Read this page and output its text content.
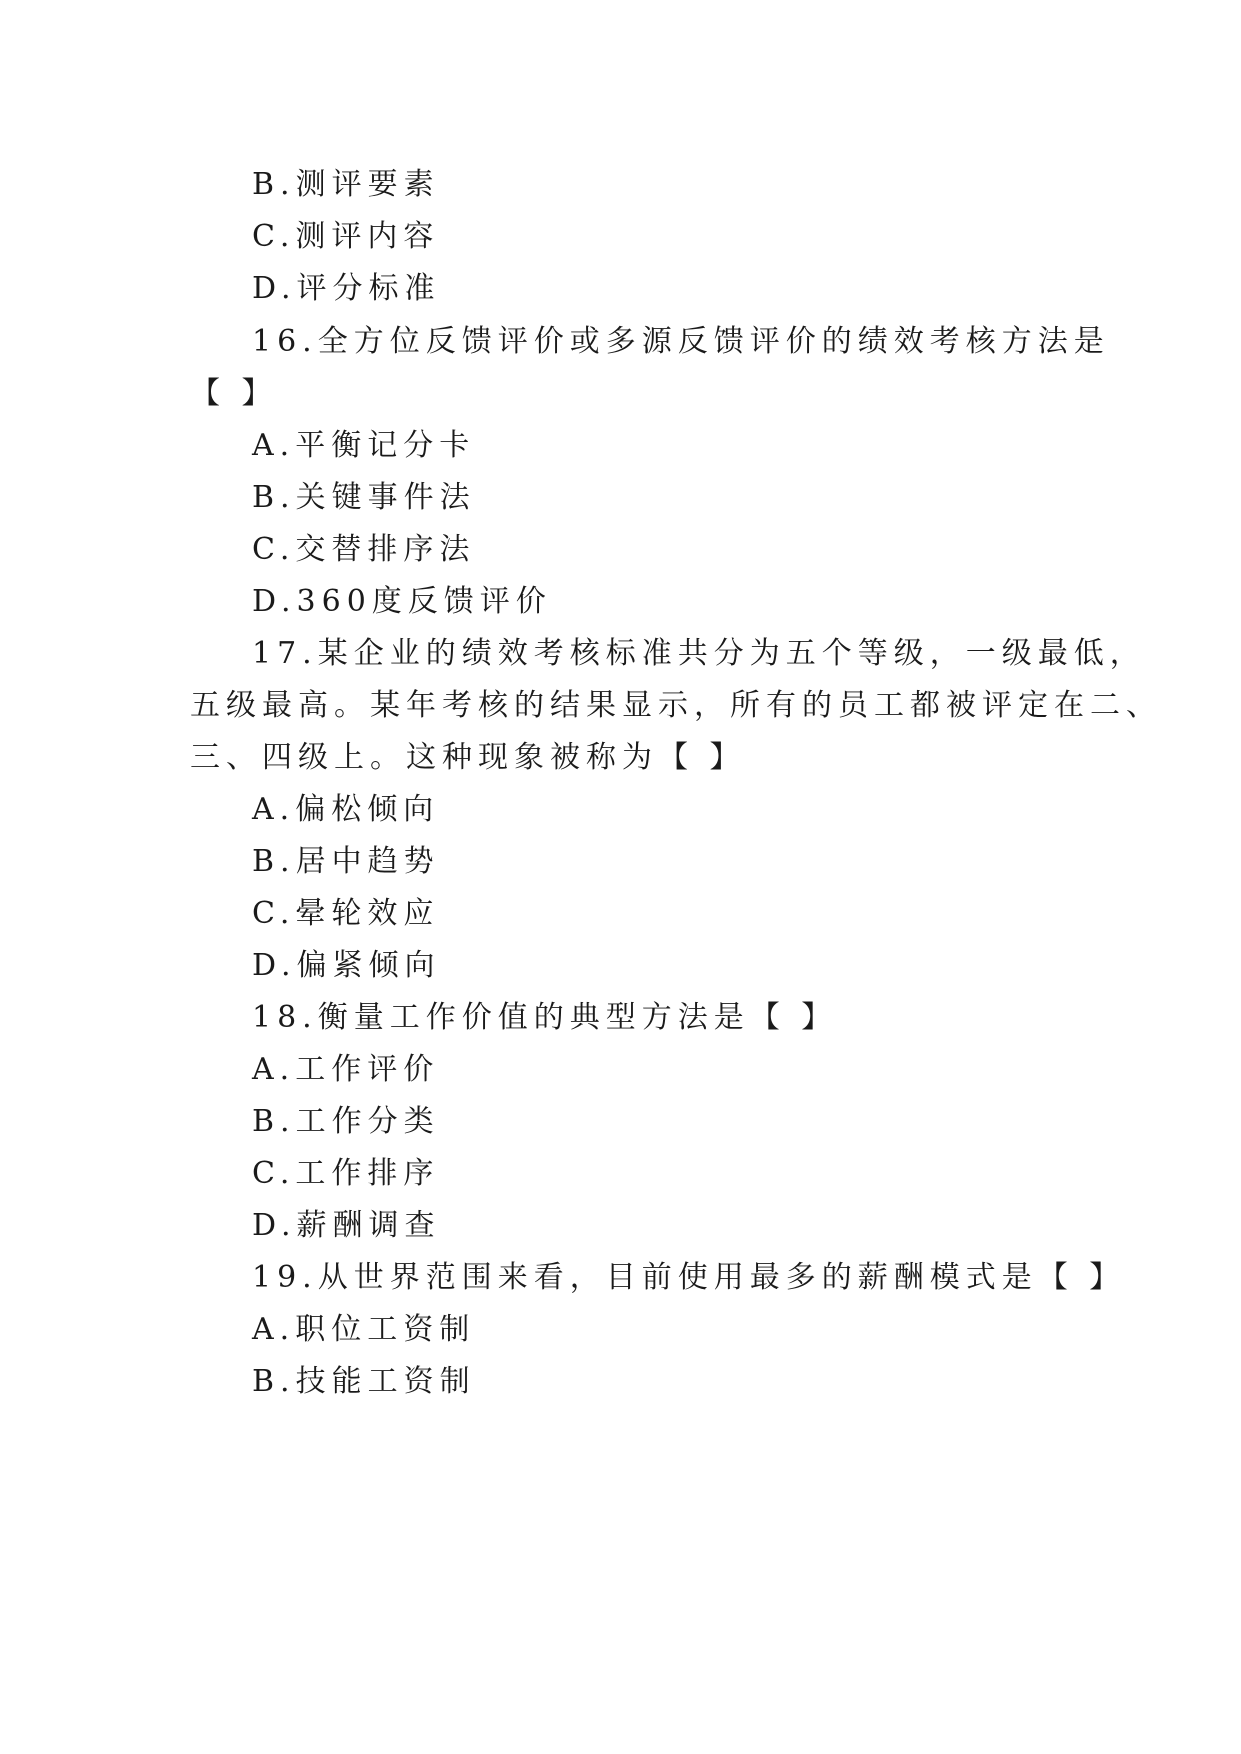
B.测评要素
C.测评内容
D.评分标准
16.全方位反馈评价或多源反馈评价的绩效考核方法是
【 】
A.平衡记分卡
B.关键事件法
C.交替排序法
D.360度反馈评价
17.某企业的绩效考核标准共分为五个等级，一级最低，
五级最高。某年考核的结果显示，所有的员工都被评定在二、
三、四级上。这种现象被称为【 】
A.偏松倾向
B.居中趋势
C.晕轮效应
D.偏紧倾向
18.衡量工作价值的典型方法是【 】
A.工作评价
B.工作分类
C.工作排序
D.薪酬调查
19.从世界范围来看，目前使用最多的薪酬模式是【 】
A.职位工资制
B.技能工资制
